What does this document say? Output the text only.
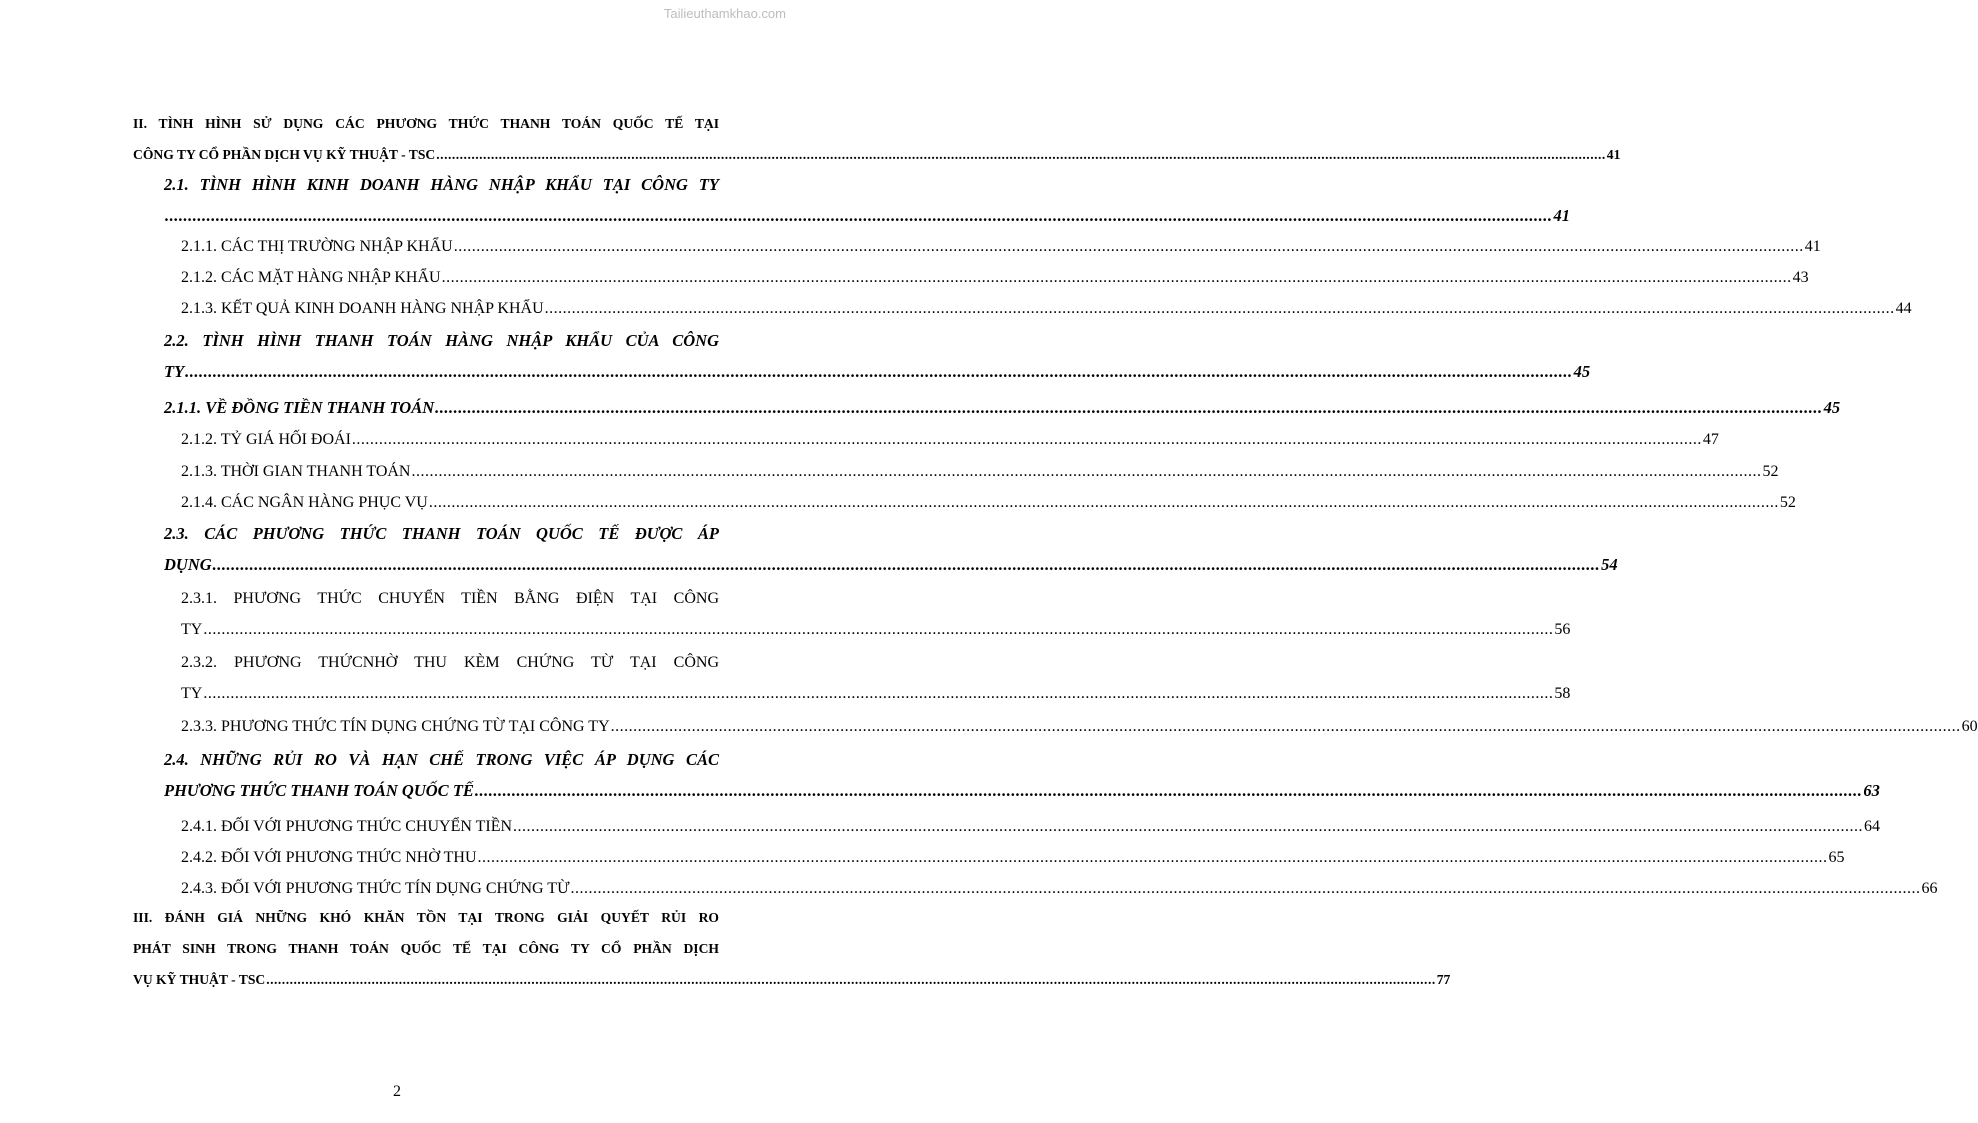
Tailieuthamkhao.com
II. TÌNH HÌNH SỬ DỤNG CÁC PHƯƠNG THỨC THANH TOÁN QUỐC TẾ TẠI
CÔNG TY CỔ PHẦN DỊCH VỤ KỸ THUẬT - TSC ............................................................................................................................................................................................................................................................................................................ 41
2.1. TÌNH HÌNH KINH DOANH HÀNG NHẬP KHẨU TẠI CÔNG TY
............................................................................................................................................................................................................................................................................................................ 41
2.1.1. CÁC THỊ TRƯỜNG NHẬP KHẨU ............................................................................................................................................................................................................................................................................................................ 41
2.1.2. CÁC MẶT HÀNG NHẬP KHẨU ............................................................................................................................................................................................................................................................................................................ 43
2.1.3. KẾT QUẢ KINH DOANH HÀNG NHẬP KHẨU ............................................................................................................................................................................................................................................................................................................ 44
2.2. TÌNH HÌNH THANH TOÁN HÀNG NHẬP KHẨU CỦA CÔNG
TY ............................................................................................................................................................................................................................................................................................................ 45
2.1.1. VỀ ĐỒNG TIỀN THANH TOÁN ............................................................................................................................................................................................................................................................................................................ 45
2.1.2. TỶ GIÁ HỐI ĐOÁI ............................................................................................................................................................................................................................................................................................................ 47
2.1.3. THỜI GIAN THANH TOÁN ............................................................................................................................................................................................................................................................................................................ 52
2.1.4. CÁC NGÂN HÀNG PHỤC VỤ ............................................................................................................................................................................................................................................................................................................ 52
2.3. CÁC PHƯƠNG THỨC THANH TOÁN QUỐC TẾ ĐƯỢC ÁP
DỤNG ............................................................................................................................................................................................................................................................................................................ 54
2.3.1. PHƯƠNG THỨC CHUYỂN TIỀN BẰNG ĐIỆN TẠI CÔNG
TY ............................................................................................................................................................................................................................................................................................................ 56
2.3.2. PHƯƠNG THỨCNHỜ THU KÈM CHỨNG TỪ TẠI CÔNG
TY ............................................................................................................................................................................................................................................................................................................ 58
2.3.3. PHƯƠNG THỨC TÍN DỤNG CHỨNG TỪ TẠI CÔNG TY ............................................................................................................................................................................................................................................................................................................ 60
2.4. NHỮNG RỦI RO VÀ HẠN CHẾ TRONG VIỆC ÁP DỤNG CÁC
PHƯƠNG THỨC THANH TOÁN QUỐC TẾ ............................................................................................................................................................................................................................................................................................................ 63
2.4.1. ĐỐI VỚI PHƯƠNG THỨC CHUYỂN TIỀN ............................................................................................................................................................................................................................................................................................................ 64
2.4.2. ĐỐI VỚI PHƯƠNG THỨC NHỜ THU ............................................................................................................................................................................................................................................................................................................ 65
2.4.3. ĐỐI VỚI PHƯƠNG THỨC TÍN DỤNG CHỨNG TỪ ............................................................................................................................................................................................................................................................................................................ 66
III. ĐÁNH GIÁ NHỮNG KHÓ KHĂN TỒN TẠI TRONG GIẢI QUYẾT RỦI RO
PHÁT SINH TRONG THANH TOÁN QUỐC TẾ TẠI CÔNG TY CỔ PHẦN DỊCH
VỤ KỸ THUẬT - TSC ............................................................................................................................................................................................................................................................................................................ 77
2
